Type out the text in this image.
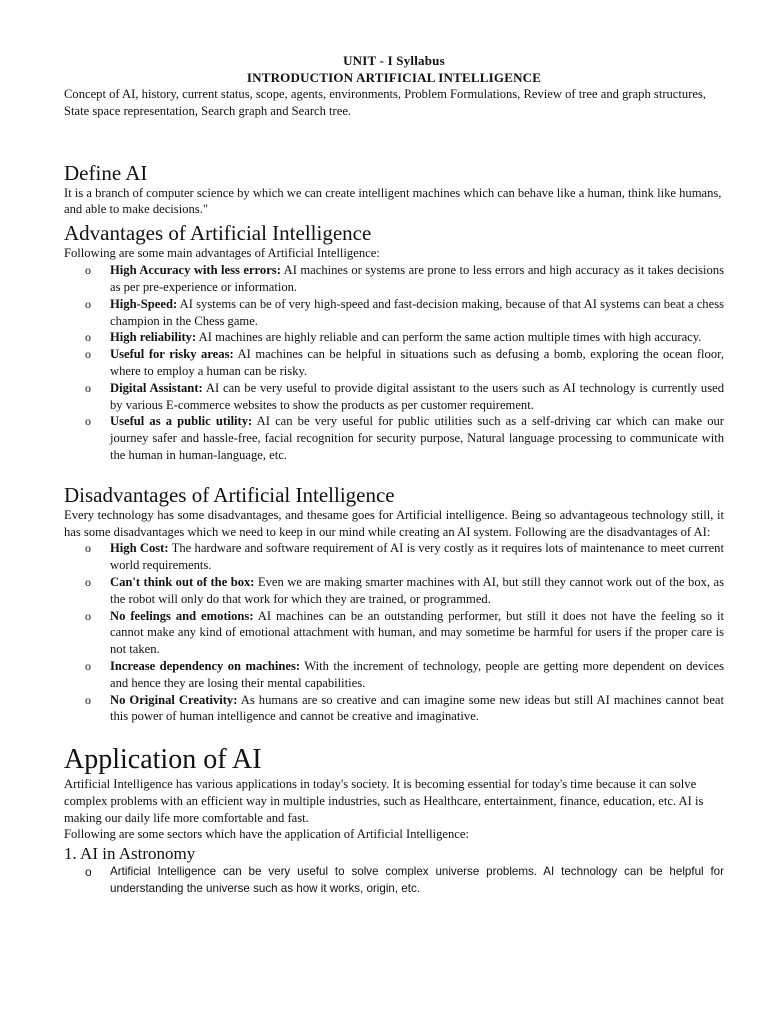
UNIT - I Syllabus
INTRODUCTION ARTIFICIAL INTELLIGENCE

Concept of AI, history, current status, scope, agents, environments, Problem Formulations, Review of tree and graph structures, State space representation, Search graph and Search tree.

Define AI

It is a branch of computer science by which we can create intelligent machines which can behave like a human, think like humans, and able to make decisions."

Advantages of Artificial Intelligence

Following are some main advantages of Artificial Intelligence:

o High Accuracy with less errors: AI machines or systems are prone to less errors and high accuracy as it takes decisions as per pre-experience or information.
o High-Speed: AI systems can be of very high-speed and fast-decision making, because of that AI systems can beat a chess champion in the Chess game.
o High reliability: AI machines are highly reliable and can perform the same action multiple times with high accuracy.
o Useful for risky areas: AI machines can be helpful in situations such as defusing a bomb, exploring the ocean floor, where to employ a human can be risky.
o Digital Assistant: AI can be very useful to provide digital assistant to the users such as AI technology is currently used by various E-commerce websites to show the products as per customer requirement.
o Useful as a public utility: AI can be very useful for public utilities such as a self-driving car which can make our journey safer and hassle-free, facial recognition for security purpose, Natural language processing to communicate with the human in human-language, etc.
Disadvantages of Artificial Intelligence

Every technology has some disadvantages, and thesame goes for Artificial intelligence. Being so advantageous technology still, it has some disadvantages which we need to keep in our mind while creating an AI system. Following are the disadvantages of AI:

o High Cost: The hardware and software requirement of AI is very costly as it requires lots of maintenance to meet current world requirements.
o Can't think out of the box: Even we are making smarter machines with AI, but still they cannot work out of the box, as the robot will only do that work for which they are trained, or programmed.
o No feelings and emotions: AI machines can be an outstanding performer, but still it does not have the feeling so it cannot make any kind of emotional attachment with human, and may sometime be harmful for users if the proper care is not taken.
o Increase dependency on machines: With the increment of technology, people are getting more dependent on devices and hence they are losing their mental capabilities.
o No Original Creativity: As humans are so creative and can imagine some new ideas but still AI machines cannot beat this power of human intelligence and cannot be creative and imaginative.
Application of AI

Artificial Intelligence has various applications in today's society. It is becoming essential for today's time because it can solve complex problems with an efficient way in multiple industries, such as Healthcare, entertainment, finance, education, etc. AI is making our daily life more comfortable and fast.

Following are some sectors which have the application of Artificial Intelligence:

1. AI in Astronomy
o Artificial Intelligence can be very useful to solve complex universe problems. AI technology can be helpful for understanding the universe such as how it works, origin, etc.
